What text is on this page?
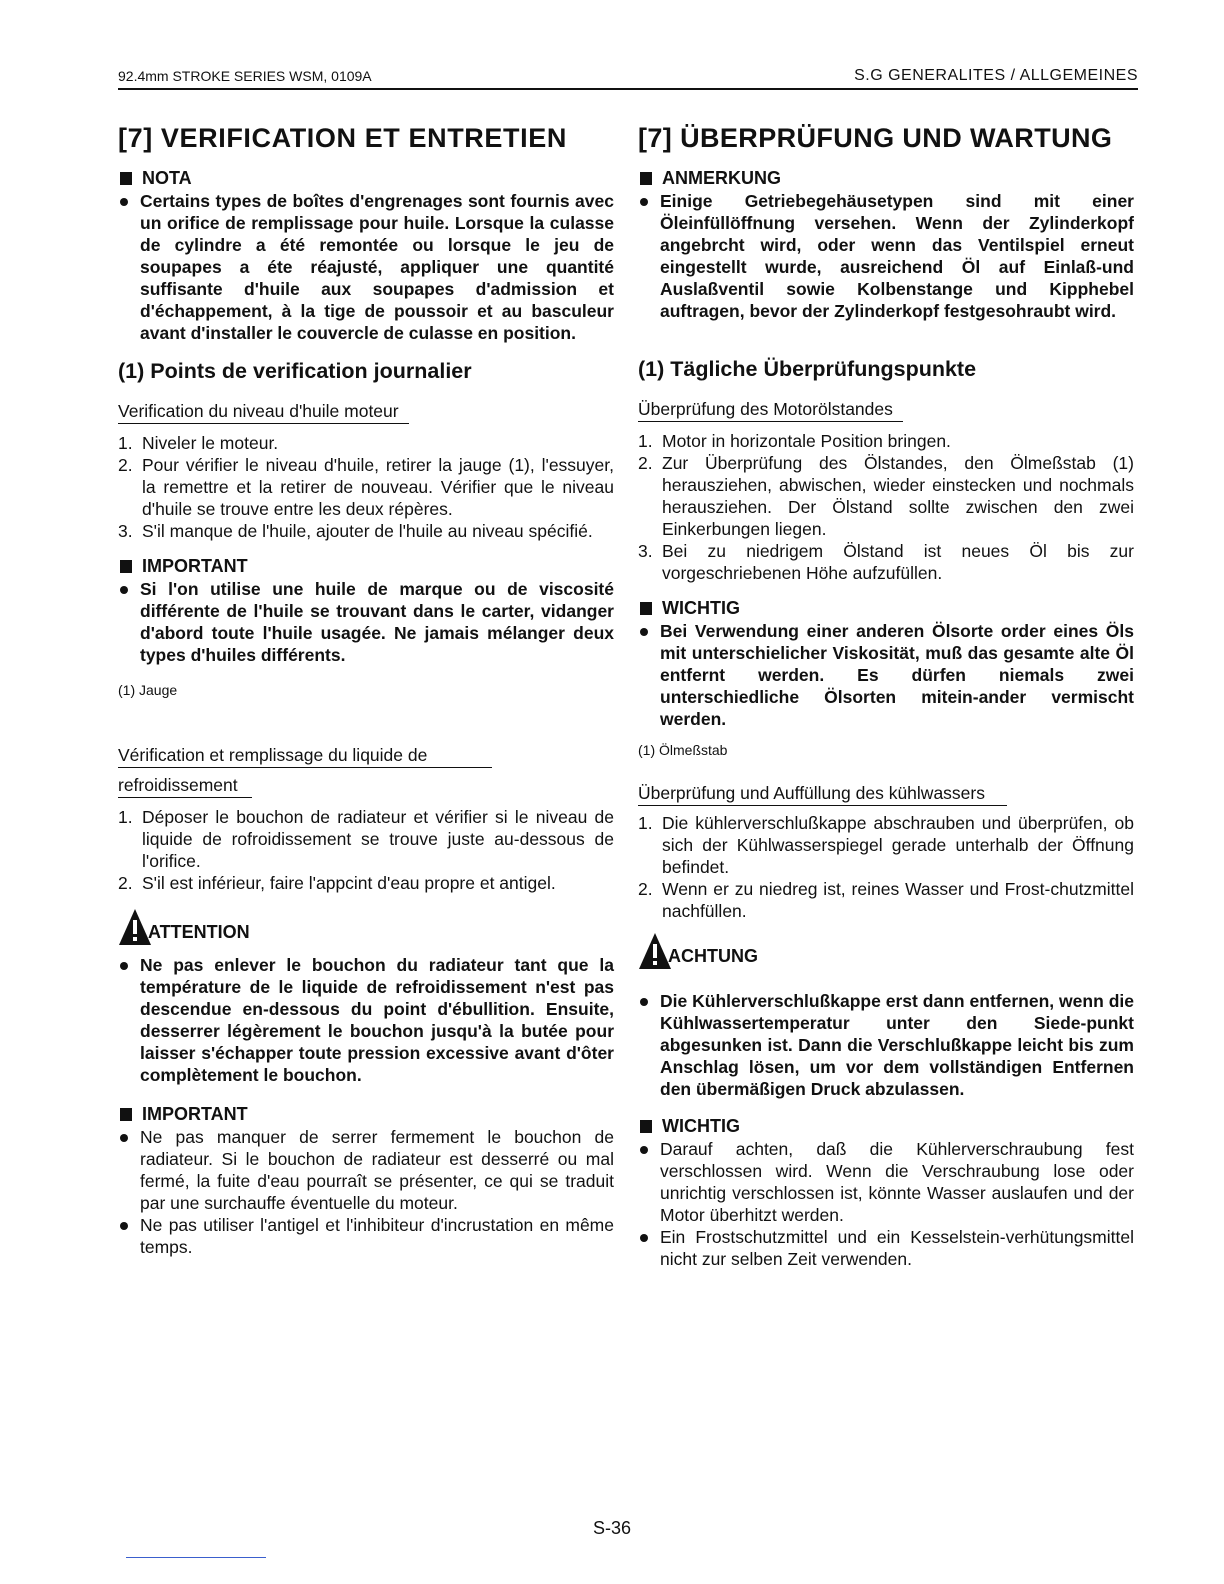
92.4mm STROKE SERIES WSM, 0109A	S.G GENERALITES / ALLGEMEINES
[7] VERIFICATION ET ENTRETIEN
NOTA
Certains types de boîtes d'engrenages sont fournis avec un orifice de remplissage pour huile. Lorsque la culasse de cylindre a été remontée ou lorsque le jeu de soupapes a éte réajusté, appliquer une quantité suffisante d'huile aux soupapes d'admission et d'échappement, à la tige de poussoir et au basculeur avant d'installer le couvercle de culasse en position.
(1) Points de verification journalier
Verification du niveau d'huile moteur
1. Niveler le moteur.
2. Pour vérifier le niveau d'huile, retirer la jauge (1), l'essuyer, la remettre et la retirer de nouveau. Vérifier que le niveau d'huile se trouve entre les deux répères.
3. S'il manque de l'huile, ajouter de l'huile au niveau spécifié.
IMPORTANT
Si l'on utilise une huile de marque ou de viscosité différente de l'huile se trouvant dans le carter, vidanger d'abord toute l'huile usagée. Ne jamais mélanger deux types d'huiles différents.
(1) Jauge
Vérification et remplissage du liquide de
refroidissement
1. Déposer le bouchon de radiateur et vérifier si le niveau de liquide de rofroidissement se trouve juste au-dessous de l'orifice.
2. S'il est inférieur, faire l'appcint d'eau propre et antigel.
ATTENTION
Ne pas enlever le bouchon du radiateur tant que la température de le liquide de refroidissement n'est pas descendue en-dessous du point d'ébullition. Ensuite, desserrer légèrement le bouchon jusqu'à la butée pour laisser s'échapper toute pression excessive avant d'ôter complètement le bouchon.
IMPORTANT
Ne pas manquer de serrer fermement le bouchon de radiateur. Si le bouchon de radiateur est desserré ou mal fermé, la fuite d'eau pourraît se présenter, ce qui se traduit par une surchauffe éventuelle du moteur.
Ne pas utiliser l'antigel et l'inhibiteur d'incrustation en même temps.
[7] ÜBERPRÜFUNG UND WARTUNG
ANMERKUNG
Einige Getriebegehäusetypen sind mit einer Öleinfüllöffnung versehen. Wenn der Zylinderkopf angebrcht wird, oder wenn das Ventilspiel erneut eingestellt wurde, ausreichend Öl auf Einlaß-und Auslaßventil sowie Kolbenstange und Kipphebel auftragen, bevor der Zylinderkopf festgesohraubt wird.
(1) Tägliche Überprüfungspunkte
Überprüfung des Motorölstandes
1. Motor in horizontale Position bringen.
2. Zur Überprüfung des Ölstandes, den Ölmeßstab (1) herausziehen, abwischen, wieder einstecken und nochmals herausziehen. Der Ölstand sollte zwischen den zwei Einkerbungen liegen.
3. Bei zu niedrigem Ölstand ist neues Öl bis zur vorgeschriebenen Höhe aufzufüllen.
WICHTIG
Bei Verwendung einer anderen Ölsorte order eines Öls mit unterschielicher Viskosität, muß das gesamte alte Öl entfernt werden. Es dürfen niemals zwei unterschiedliche Ölsorten mitein-ander vermischt werden.
(1) Ölmeßstab
Überprüfung und Auffüllung des kühlwassers
1. Die kühlerverschlußkappe abschrauben und überprüfen, ob sich der Kühlwasserspiegel gerade unterhalb der Öffnung befindet.
2. Wenn er zu niedreg ist, reines Wasser und Frost-chutzmittel nachfüllen.
ACHTUNG
Die Kühlerverschlußkappe erst dann entfernen, wenn die Kühlwassertemperatur unter den Siede-punkt abgesunken ist. Dann die Verschlußkappe leicht bis zum Anschlag lösen, um vor dem vollständigen Entfernen den übermäßigen Druck abzulassen.
WICHTIG
Darauf achten, daß die Kühlerverschraubung fest verschlossen wird. Wenn die Verschraubung lose oder unrichtig verschlossen ist, könnte Wasser auslaufen und der Motor überhitzt werden.
Ein Frostschutzmittel und ein Kesselstein-verhütungsmittel nicht zur selben Zeit verwenden.
S-36
